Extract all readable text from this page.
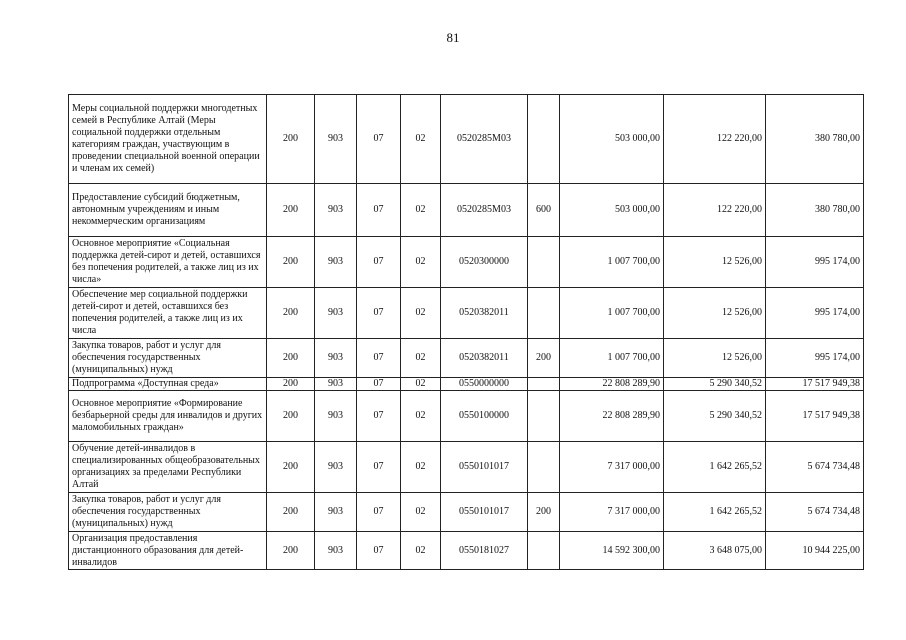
81
Меры социальной поддержки многодетных семей в Республике Алтай (Меры социальной поддержки отдельным категориям граждан, участвующим в проведении специальной военной операции и членам их семей)	200	903	07	02	0520285М03		503 000,00	122 220,00	380 780,00
Предоставление субсидий бюджетным, автономным учреждениям и иным некоммерческим организациям	200	903	07	02	0520285М03	600	503 000,00	122 220,00	380 780,00
Основное мероприятие «Социальная поддержка детей-сирот и детей, оставшихся без попечения родителей, а также лиц из их числа»	200	903	07	02	0520300000		1 007 700,00	12 526,00	995 174,00
Обеспечение мер социальной поддержки детей-сирот и детей, оставшихся без попечения родителей, а также лиц из их числа	200	903	07	02	0520382011		1 007 700,00	12 526,00	995 174,00
Закупка товаров, работ и услуг для обеспечения государственных (муниципальных) нужд	200	903	07	02	0520382011	200	1 007 700,00	12 526,00	995 174,00
Подпрограмма «Доступная среда»	200	903	07	02	0550000000		22 808 289,90	5 290 340,52	17 517 949,38
Основное мероприятие «Формирование безбарьерной среды для инвалидов и других маломобильных граждан»	200	903	07	02	0550100000		22 808 289,90	5 290 340,52	17 517 949,38
Обучение детей-инвалидов в специализированных общеобразовательных организациях за пределами Республики Алтай	200	903	07	02	0550101017		7 317 000,00	1 642 265,52	5 674 734,48
Закупка товаров, работ и услуг для обеспечения государственных (муниципальных) нужд	200	903	07	02	0550101017	200	7 317 000,00	1 642 265,52	5 674 734,48
Организация предоставления дистанционного образования для детей-инвалидов	200	903	07	02	0550181027		14 592 300,00	3 648 075,00	10 944 225,00
